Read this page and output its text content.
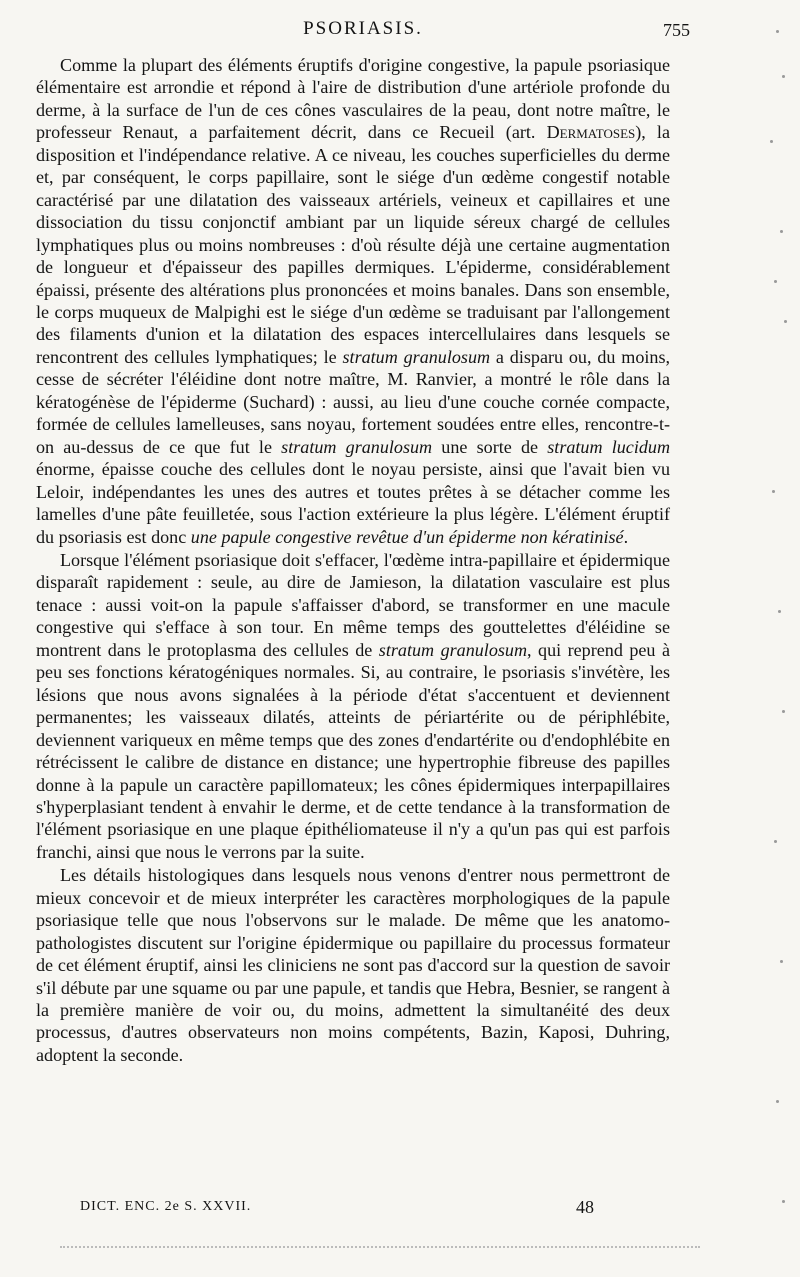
PSORIASIS.	755

Comme la plupart des éléments éruptifs d'origine congestive, la papule psoriasique élémentaire est arrondie et répond à l'aire de distribution d'une artériole profonde du derme, à la surface de l'un de ces cônes vasculaires de la peau, dont notre maître, le professeur Renaut, a parfaitement décrit, dans ce Recueil (art. Dermatoses), la disposition et l'indépendance relative. A ce niveau, les couches superficielles du derme et, par conséquent, le corps papillaire, sont le siége d'un œdème congestif notable caractérisé par une dilatation des vaisseaux artériels, veineux et capillaires et une dissociation du tissu conjonctif ambiant par un liquide séreux chargé de cellules lymphatiques plus ou moins nombreuses : d'où résulte déjà une certaine augmentation de longueur et d'épaisseur des papilles dermiques. L'épiderme, considérablement épaissi, présente des altérations plus prononcées et moins banales. Dans son ensemble, le corps muqueux de Malpighi est le siége d'un œdème se traduisant par l'allongement des filaments d'union et la dilatation des espaces intercellulaires dans lesquels se rencontrent des cellules lymphatiques; le stratum granulosum a disparu ou, du moins, cesse de sécréter l'éléidine dont notre maître, M. Ranvier, a montré le rôle dans la kératogénèse de l'épiderme (Suchard) : aussi, au lieu d'une couche cornée compacte, formée de cellules lamelleuses, sans noyau, fortement soudées entre elles, rencontre-t-on au-dessus de ce que fut le stratum granulosum une sorte de stratum lucidum énorme, épaisse couche des cellules dont le noyau persiste, ainsi que l'avait bien vu Leloir, indépendantes les unes des autres et toutes prêtes à se détacher comme les lamelles d'une pâte feuilletée, sous l'action extérieure la plus légère. L'élément éruptif du psoriasis est donc une papule congestive revêtue d'un épiderme non kératinisé.

Lorsque l'élément psoriasique doit s'effacer, l'œdème intra-papillaire et épidermique disparaît rapidement : seule, au dire de Jamieson, la dilatation vasculaire est plus tenace : aussi voit-on la papule s'affaisser d'abord, se transformer en une macule congestive qui s'efface à son tour. En même temps des gouttelettes d'éléidine se montrent dans le protoplasma des cellules de stratum granulosum, qui reprend peu à peu ses fonctions kératogéniques normales. Si, au contraire, le psoriasis s'invétère, les lésions que nous avons signalées à la période d'état s'accentuent et deviennent permanentes; les vaisseaux dilatés, atteints de périartérite ou de périphlébite, deviennent variqueux en même temps que des zones d'endartérite ou d'endophlébite en rétrécissent le calibre de distance en distance; une hypertrophie fibreuse des papilles donne à la papule un caractère papillomateux; les cônes épidermiques interpapillaires s'hyperplasiant tendent à envahir le derme, et de cette tendance à la transformation de l'élément psoriasique en une plaque épithéliomateuse il n'y a qu'un pas qui est parfois franchi, ainsi que nous le verrons par la suite.

Les détails histologiques dans lesquels nous venons d'entrer nous permettront de mieux concevoir et de mieux interpréter les caractères morphologiques de la papule psoriasique telle que nous l'observons sur le malade. De même que les anatomo-pathologistes discutent sur l'origine épidermique ou papillaire du processus formateur de cet élément éruptif, ainsi les cliniciens ne sont pas d'accord sur la question de savoir s'il débute par une squame ou par une papule, et tandis que Hebra, Besnier, se rangent à la première manière de voir ou, du moins, admettent la simultanéité des deux processus, d'autres observateurs non moins compétents, Bazin, Kaposi, Duhring, adoptent la seconde.

DICT. ENC. 2e S. XXVII.	48
